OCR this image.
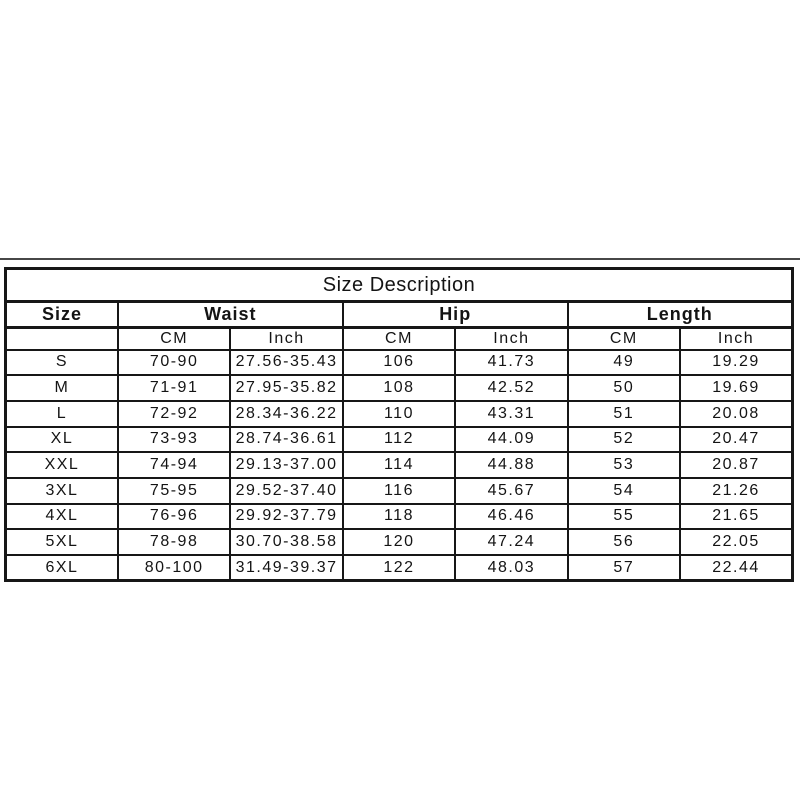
Size Description						
Size	Waist		Hip		Length	
	CM	Inch	CM	Inch	CM	Inch
S	70-90	27.56-35.43	106	41.73	49	19.29
M	71-91	27.95-35.82	108	42.52	50	19.69
L	72-92	28.34-36.22	110	43.31	51	20.08
XL	73-93	28.74-36.61	112	44.09	52	20.47
XXL	74-94	29.13-37.00	114	44.88	53	20.87
3XL	75-95	29.52-37.40	116	45.67	54	21.26
4XL	76-96	29.92-37.79	118	46.46	55	21.65
5XL	78-98	30.70-38.58	120	47.24	56	22.05
6XL	80-100	31.49-39.37	122	48.03	57	22.44
